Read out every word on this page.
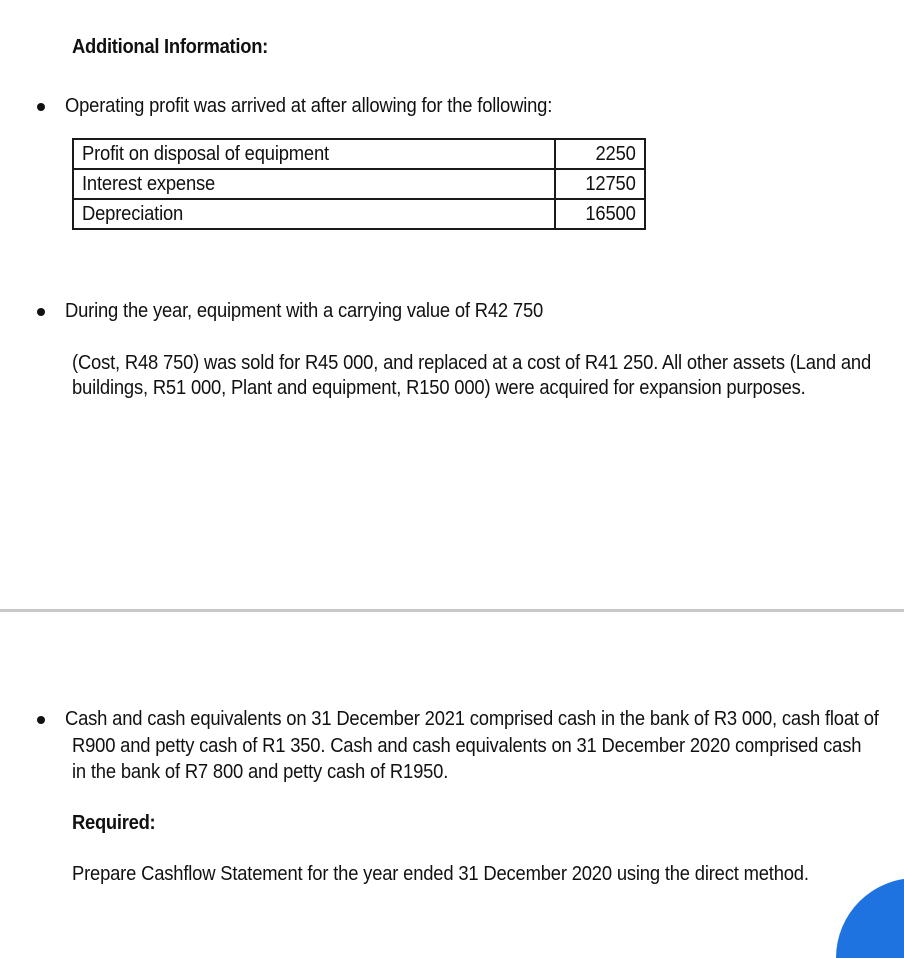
Additional Information:
Operating profit was arrived at after allowing for the following:
Profit on disposal of equipment	2250
Interest expense	12750
Depreciation	16500
During the year, equipment with a carrying value of R42 750
(Cost, R48 750) was sold for R45 000, and replaced at a cost of R41 250. All other assets (Land and
buildings, R51 000, Plant and equipment, R150 000) were acquired for expansion purposes.
Cash and cash equivalents on 31 December 2021 comprised cash in the bank of R3 000, cash float of
R900 and petty cash of R1 350. Cash and cash equivalents on 31 December 2020 comprised cash
in the bank of R7 800 and petty cash of R1950.
Required:
Prepare Cashflow Statement for the year ended 31 December 2020 using the direct method.
